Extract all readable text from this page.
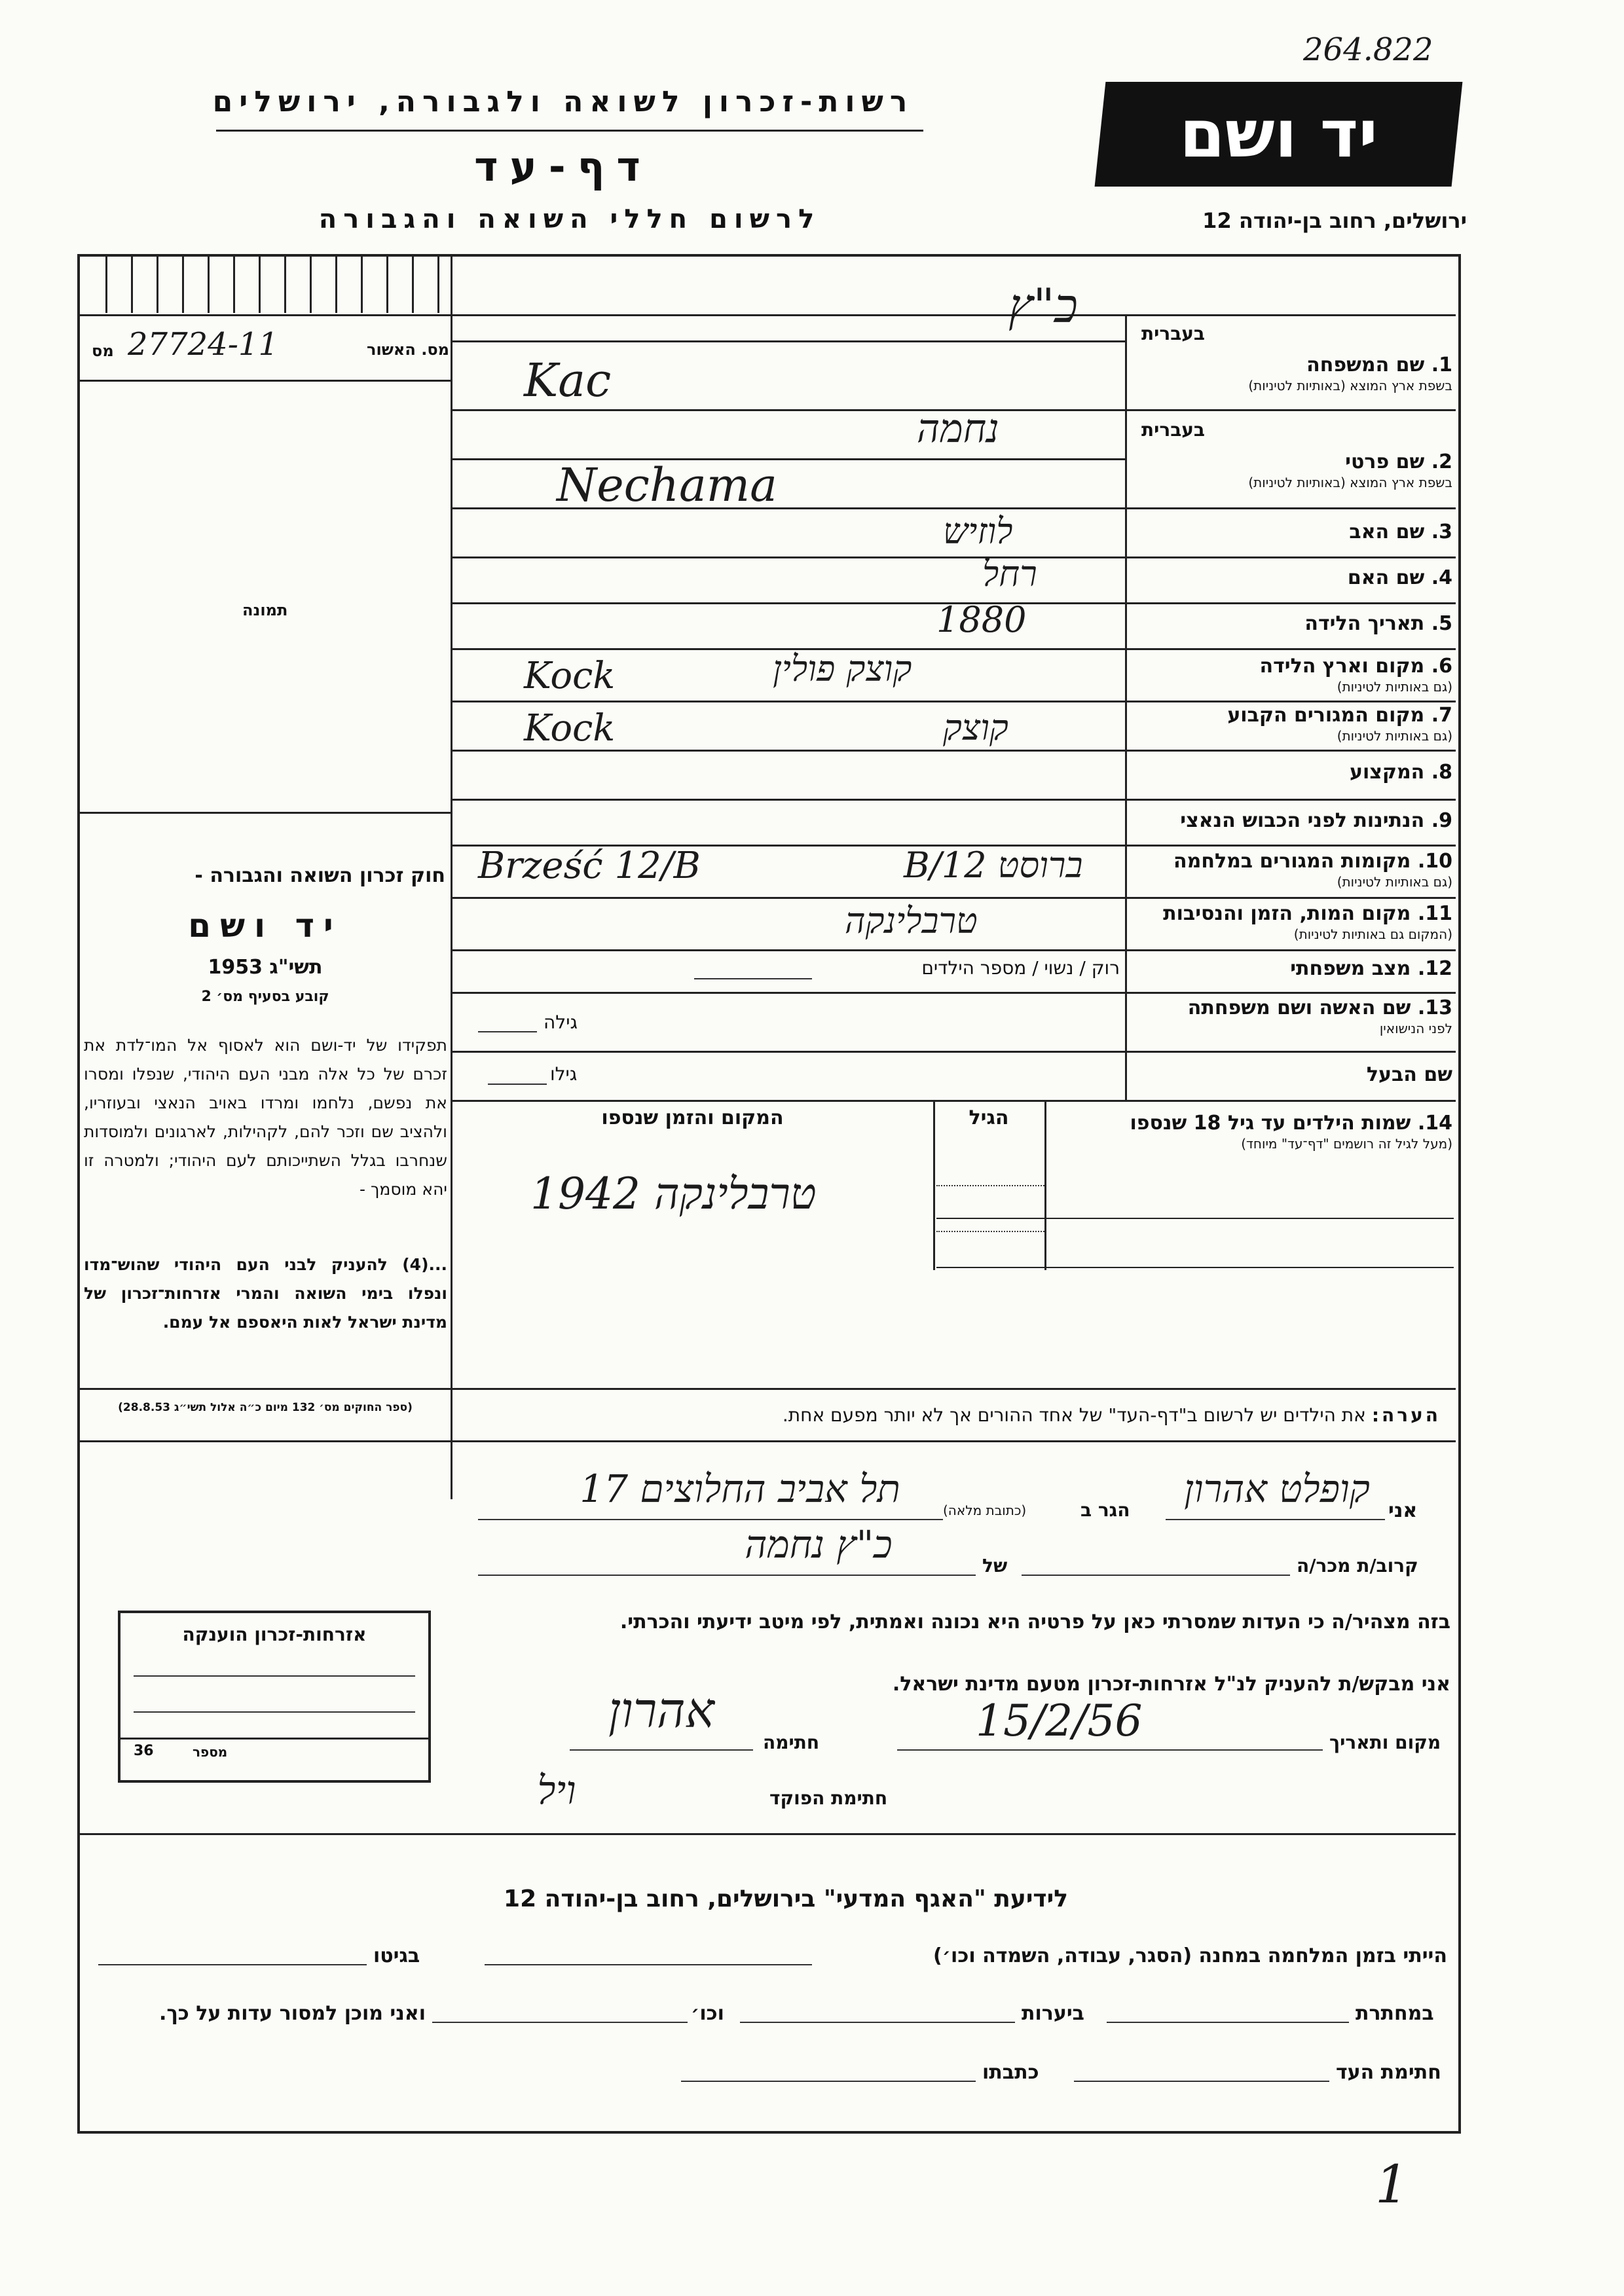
264.822
רשות-זכרון לשואה ולגבורה, ירושלים
דף-עד
לרשום חללי השואה והגבורה
יד ושם
ירושלים, רחוב בן-יהודה 12
מס. האשור
27724-11
מס
תמונה
חוק זכרון השואה והגבורה -
יד ושם
תשי"ג 1953
קובע בסעיף מס׳ 2
תפקידו של יד-ושם הוא לאסוף אל המו־לדת את זכרם של כל אלה מבני העם היהודי, שנפלו ומסרו את נפשם, נלחמו ומרדו באויב הנאצי ובעוזריו, ולהציב שם וזכר להם, לקהילות, לארגונים ולמוסדות שנחרבו בגלל השתייכותם לעם היהודי; ולמטרה זו יהא מוסמך -
...(4) להעניק לבני העם היהודי שהוש־מדו ונפלו בימי השואה והמרי אזרחות־זכרון של מדינת ישראל לאות היאספם אל עמם.
(ספר החוקים מס׳ 132 מיום כ״ה אלול תשי״ג 28.8.53)
בעברית
1. שם המשפחה
בשפת ארץ המוצא (באותיות לטיניות)
כ"ץ
Kac
בעברית
2. שם פרטי
בשפת ארץ המוצא (באותיות לטיניות)
נחמה
Nechama
3. שם האב
לוזיש
4. שם האם
רחל
5. תאריך הלידה
1880
6. מקום וארץ הלידה
(גם באותיות לטיניות)
קוצק פולין
Kock
7. מקום המגורים הקבוע
(גם באותיות לטיניות)
קוצק
Kock
8. המקצוע
9. הנתינות לפני הכבוש הנאצי
10. מקומות המגורים במלחמה
(גם באותיות לטיניות)
ברוסט 12/B
Brześć 12/B
11. מקום המות, הזמן והנסיבות
(המקום גם באותיות לטיניות)
טרבלינקה
12. מצב משפחתי
רוק / נשוי / מספר הילדים
13. שם האשה ושם משפחתה
לפני הנישואין
גילה
שם הבעל
גילו
14. שמות הילדים עד גיל 18 שנספו
(מעל לגיל זה רושמים "דף־עד" מיוחד)
הגיל
המקום והזמן שנספו
טרבלינקה 1942
הערה: את הילדים יש לרשום ב"דף-העד" של אחד ההורים אך לא יותר מפעם אחת.
אני
קופלט אהרון
הגר ב
(כתובת מלאה)
תל אביב החלוצים 17
קרוב/ת מכר/ה
של
כ"ץ נחמה
בזה מצהיר/ה כי העדות שמסרתי כאן על פרטיה היא נכונה ואמתית, לפי מיטב ידיעתי והכרתי.
אני מבקש/ת להעניק לנ"ל אזרחות-זכרון מטעם מדינת ישראל.
מקום ותאריך
15/2/56
חתימה
אהרון
חתימת הפוקד
ויל
אזרחות-זכרון הוענקה
מספר
36
לידיעת "האגף המדעי" בירושלים, רחוב בן-יהודה 12
הייתי בזמן המלחמה במחנה (הסגר, עבודה, השמדה וכו׳)
בגיטו
במחתרת
ביערות
וכו׳
ואני מוכן למסור עדות על כך.
חתימת העד
כתבתו
1
